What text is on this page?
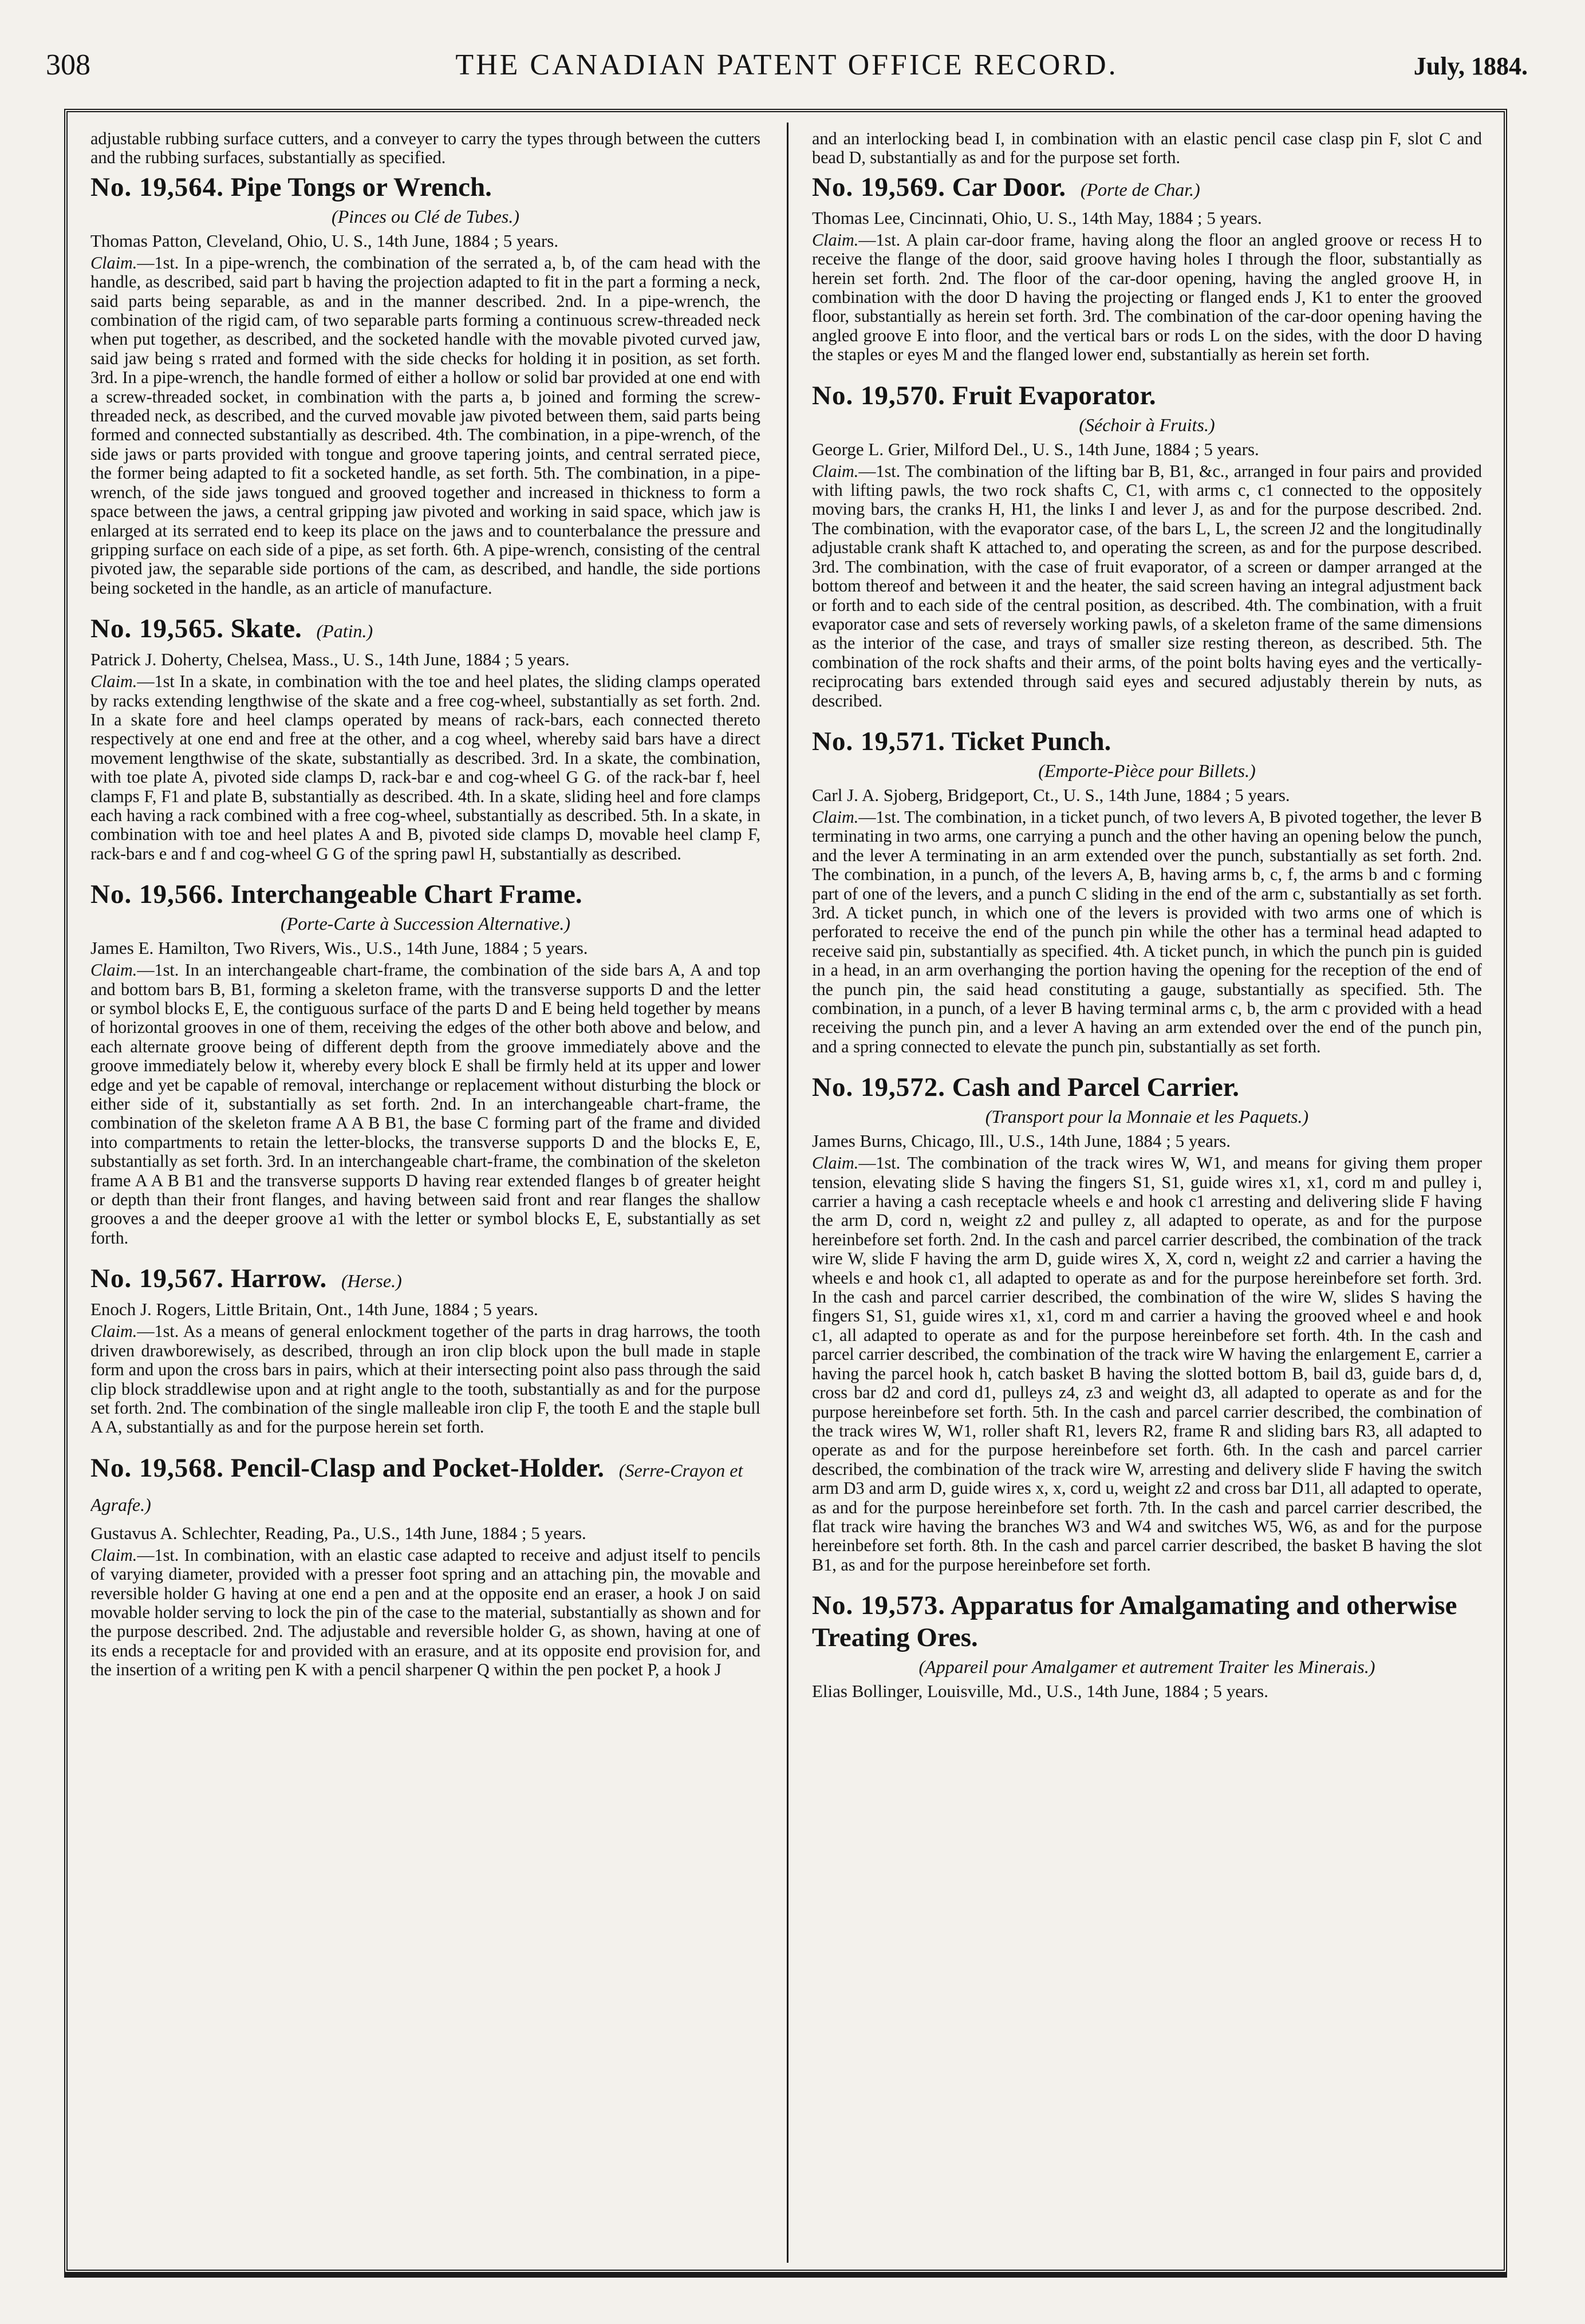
308	THE CANADIAN PATENT OFFICE RECORD.	July, 1884.

adjustable rubbing surface cutters, and a conveyer to carry the types through between the cutters and the rubbing surfaces, substantially as specified.

No. 19,564. Pipe Tongs or Wrench.
(Pinces ou Clé de Tubes.)
Thomas Patton, Cleveland, Ohio, U. S., 14th June, 1884 ; 5 years.

Claim.—1st. In a pipe-wrench, the combination of the serrated a, b, of the cam head with the handle, as described, said part b having the projection adapted to fit in the part a forming a neck, said parts being separable, as and in the manner described. 2nd. In a pipe-wrench, the combination of the rigid cam, of two separable parts forming a continuous screw-threaded neck when put together, as described, and the socketed handle with the movable pivoted curved jaw, said jaw being s rrated and formed with the side checks for holding it in position, as set forth. 3rd. In a pipe-wrench, the handle formed of either a hollow or solid bar provided at one end with a screw-threaded socket, in combination with the parts a, b joined and forming the screw-threaded neck, as described, and the curved movable jaw pivoted between them, said parts being formed and connected substantially as described. 4th. The combination, in a pipe-wrench, of the side jaws or parts provided with tongue and groove tapering joints, and central serrated piece, the former being adapted to fit a socketed handle, as set forth. 5th. The combination, in a pipe-wrench, of the side jaws tongued and grooved together and increased in thickness to form a space between the jaws, a central gripping jaw pivoted and working in said space, which jaw is enlarged at its serrated end to keep its place on the jaws and to counterbalance the pressure and gripping surface on each side of a pipe, as set forth. 6th. A pipe-wrench, consisting of the central pivoted jaw, the separable side portions of the cam, as described, and handle, the side portions being socketed in the handle, as an article of manufacture.

No. 19,565. Skate. (Patin.)
Patrick J. Doherty, Chelsea, Mass., U. S., 14th June, 1884 ; 5 years.

Claim.—1st In a skate, in combination with the toe and heel plates, the sliding clamps operated by racks extending lengthwise of the skate and a free cog-wheel, substantially as set forth. 2nd. In a skate fore and heel clamps operated by means of rack-bars, each connected thereto respectively at one end and free at the other, and a cog wheel, whereby said bars have a direct movement lengthwise of the skate, substantially as described. 3rd. In a skate, the combination, with toe plate A, pivoted side clamps D, rack-bar e and cog-wheel G G. of the rack-bar f, heel clamps F, F1 and plate B, substantially as described. 4th. In a skate, sliding heel and fore clamps each having a rack combined with a free cog-wheel, substantially as described. 5th. In a skate, in combination with toe and heel plates A and B, pivoted side clamps D, movable heel clamp F, rack-bars e and f and cog-wheel G G of the spring pawl H, substantially as described.

No. 19,566. Interchangeable Chart Frame.
(Porte-Carte à Succession Alternative.)
James E. Hamilton, Two Rivers, Wis., U.S., 14th June, 1884 ; 5 years.

Claim.—1st. In an interchangeable chart-frame, the combination of the side bars A, A and top and bottom bars B, B1, forming a skeleton frame, with the transverse supports D and the letter or symbol blocks E, E, the contiguous surface of the parts D and E being held together by means of horizontal grooves in one of them, receiving the edges of the other both above and below, and each alternate groove being of different depth from the groove immediately above and the groove immediately below it, whereby every block E shall be firmly held at its upper and lower edge and yet be capable of removal, interchange or replacement without disturbing the block or either side of it, substantially as set forth. 2nd. In an interchangeable chart-frame, the combination of the skeleton frame A A B B1, the base C forming part of the frame and divided into compartments to retain the letter-blocks, the transverse supports D and the blocks E, E, substantially as set forth. 3rd. In an interchangeable chart-frame, the combination of the skeleton frame A A B B1 and the transverse supports D having rear extended flanges b of greater height or depth than their front flanges, and having between said front and rear flanges the shallow grooves a and the deeper groove a1 with the letter or symbol blocks E, E, substantially as set forth.

No. 19,567. Harrow. (Herse.)
Enoch J. Rogers, Little Britain, Ont., 14th June, 1884 ; 5 years.

Claim.—1st. As a means of general enlockment together of the parts in drag harrows, the tooth driven drawborewisely, as described, through an iron clip block upon the bull made in staple form and upon the cross bars in pairs, which at their intersecting point also pass through the said clip block straddlewise upon and at right angle to the tooth, substantially as and for the purpose set forth. 2nd. The combination of the single malleable iron clip F, the tooth E and the staple bull A A, substantially as and for the purpose herein set forth.

No. 19,568. Pencil-Clasp and Pocket-Holder. (Serre-Crayon et Agrafe.)
Gustavus A. Schlechter, Reading, Pa., U.S., 14th June, 1884 ; 5 years.

Claim.—1st. In combination, with an elastic case adapted to receive and adjust itself to pencils of varying diameter, provided with a presser foot spring and an attaching pin, the movable and reversible holder G having at one end a pen and at the opposite end an eraser, a hook J on said movable holder serving to lock the pin of the case to the material, substantially as shown and for the purpose described. 2nd. The adjustable and reversible holder G, as shown, having at one of its ends a receptacle for and provided with an erasure, and at its opposite end provision for, and the insertion of a writing pen K with a pencil sharpener Q within the pen pocket P, a hook J

and an interlocking bead I, in combination with an elastic pencil case clasp pin F, slot C and bead D, substantially as and for the purpose set forth.

No. 19,569. Car Door. (Porte de Char.)
Thomas Lee, Cincinnati, Ohio, U. S., 14th May, 1884 ; 5 years.

Claim.—1st. A plain car-door frame, having along the floor an angled groove or recess H to receive the flange of the door, said groove having holes I through the floor, substantially as herein set forth. 2nd. The floor of the car-door opening, having the angled groove H, in combination with the door D having the projecting or flanged ends J, K1 to enter the grooved floor, substantially as herein set forth. 3rd. The combination of the car-door opening having the angled groove E into floor, and the vertical bars or rods L on the sides, with the door D having the staples or eyes M and the flanged lower end, substantially as herein set forth.

No. 19,570. Fruit Evaporator.
(Séchoir à Fruits.)
George L. Grier, Milford Del., U. S., 14th June, 1884 ; 5 years.

Claim.—1st. The combination of the lifting bar B, B1, &c., arranged in four pairs and provided with lifting pawls, the two rock shafts C, C1, with arms c, c1 connected to the oppositely moving bars, the cranks H, H1, the links I and lever J, as and for the purpose described. 2nd. The combination, with the evaporator case, of the bars L, L, the screen J2 and the longitudinally adjustable crank shaft K attached to, and operating the screen, as and for the purpose described. 3rd. The combination, with the case of fruit evaporator, of a screen or damper arranged at the bottom thereof and between it and the heater, the said screen having an integral adjustment back or forth and to each side of the central position, as described. 4th. The combination, with a fruit evaporator case and sets of reversely working pawls, of a skeleton frame of the same dimensions as the interior of the case, and trays of smaller size resting thereon, as described. 5th. The combination of the rock shafts and their arms, of the point bolts having eyes and the vertically-reciprocating bars extended through said eyes and secured adjustably therein by nuts, as described.

No. 19,571. Ticket Punch.
(Emporte-Pièce pour Billets.)
Carl J. A. Sjoberg, Bridgeport, Ct., U. S., 14th June, 1884 ; 5 years.

Claim.—1st. The combination, in a ticket punch, of two levers A, B pivoted together, the lever B terminating in two arms, one carrying a punch and the other having an opening below the punch, and the lever A terminating in an arm extended over the punch, substantially as set forth. 2nd. The combination, in a punch, of the levers A, B, having arms b, c, f, the arms b and c forming part of one of the levers, and a punch C sliding in the end of the arm c, substantially as set forth. 3rd. A ticket punch, in which one of the levers is provided with two arms one of which is perforated to receive the end of the punch pin while the other has a terminal head adapted to receive said pin, substantially as specified. 4th. A ticket punch, in which the punch pin is guided in a head, in an arm overhanging the portion having the opening for the reception of the end of the punch pin, the said head constituting a gauge, substantially as specified. 5th. The combination, in a punch, of a lever B having terminal arms c, b, the arm c provided with a head receiving the punch pin, and a lever A having an arm extended over the end of the punch pin, and a spring connected to elevate the punch pin, substantially as set forth.

No. 19,572. Cash and Parcel Carrier.
(Transport pour la Monnaie et les Paquets.)
James Burns, Chicago, Ill., U.S., 14th June, 1884 ; 5 years.

Claim.—1st. The combination of the track wires W, W1, and means for giving them proper tension, elevating slide S having the fingers S1, S1, guide wires x1, x1, cord m and pulley i, carrier a having a cash receptacle wheels e and hook c1 arresting and delivering slide F having the arm D, cord n, weight z2 and pulley z, all adapted to operate, as and for the purpose hereinbefore set forth. 2nd. In the cash and parcel carrier described, the combination of the track wire W, slide F having the arm D, guide wires X, X, cord n, weight z2 and carrier a having the wheels e and hook c1, all adapted to operate as and for the purpose hereinbefore set forth. 3rd. In the cash and parcel carrier described, the combination of the wire W, slides S having the fingers S1, S1, guide wires x1, x1, cord m and carrier a having the grooved wheel e and hook c1, all adapted to operate as and for the purpose hereinbefore set forth. 4th. In the cash and parcel carrier described, the combination of the track wire W having the enlargement E, carrier a having the parcel hook h, catch basket B having the slotted bottom B, bail d3, guide bars d, d, cross bar d2 and cord d1, pulleys z4, z3 and weight d3, all adapted to operate as and for the purpose hereinbefore set forth. 5th. In the cash and parcel carrier described, the combination of the track wires W, W1, roller shaft R1, levers R2, frame R and sliding bars R3, all adapted to operate as and for the purpose hereinbefore set forth. 6th. In the cash and parcel carrier described, the combination of the track wire W, arresting and delivery slide F having the switch arm D3 and arm D, guide wires x, x, cord u, weight z2 and cross bar D11, all adapted to operate, as and for the purpose hereinbefore set forth. 7th. In the cash and parcel carrier described, the flat track wire having the branches W3 and W4 and switches W5, W6, as and for the purpose hereinbefore set forth. 8th. In the cash and parcel carrier described, the basket B having the slot B1, as and for the purpose hereinbefore set forth.

No. 19,573. Apparatus for Amalgamating and otherwise Treating Ores.
(Appareil pour Amalgamer et autrement Traiter les Minerais.)
Elias Bollinger, Louisville, Md., U.S., 14th June, 1884 ; 5 years.
